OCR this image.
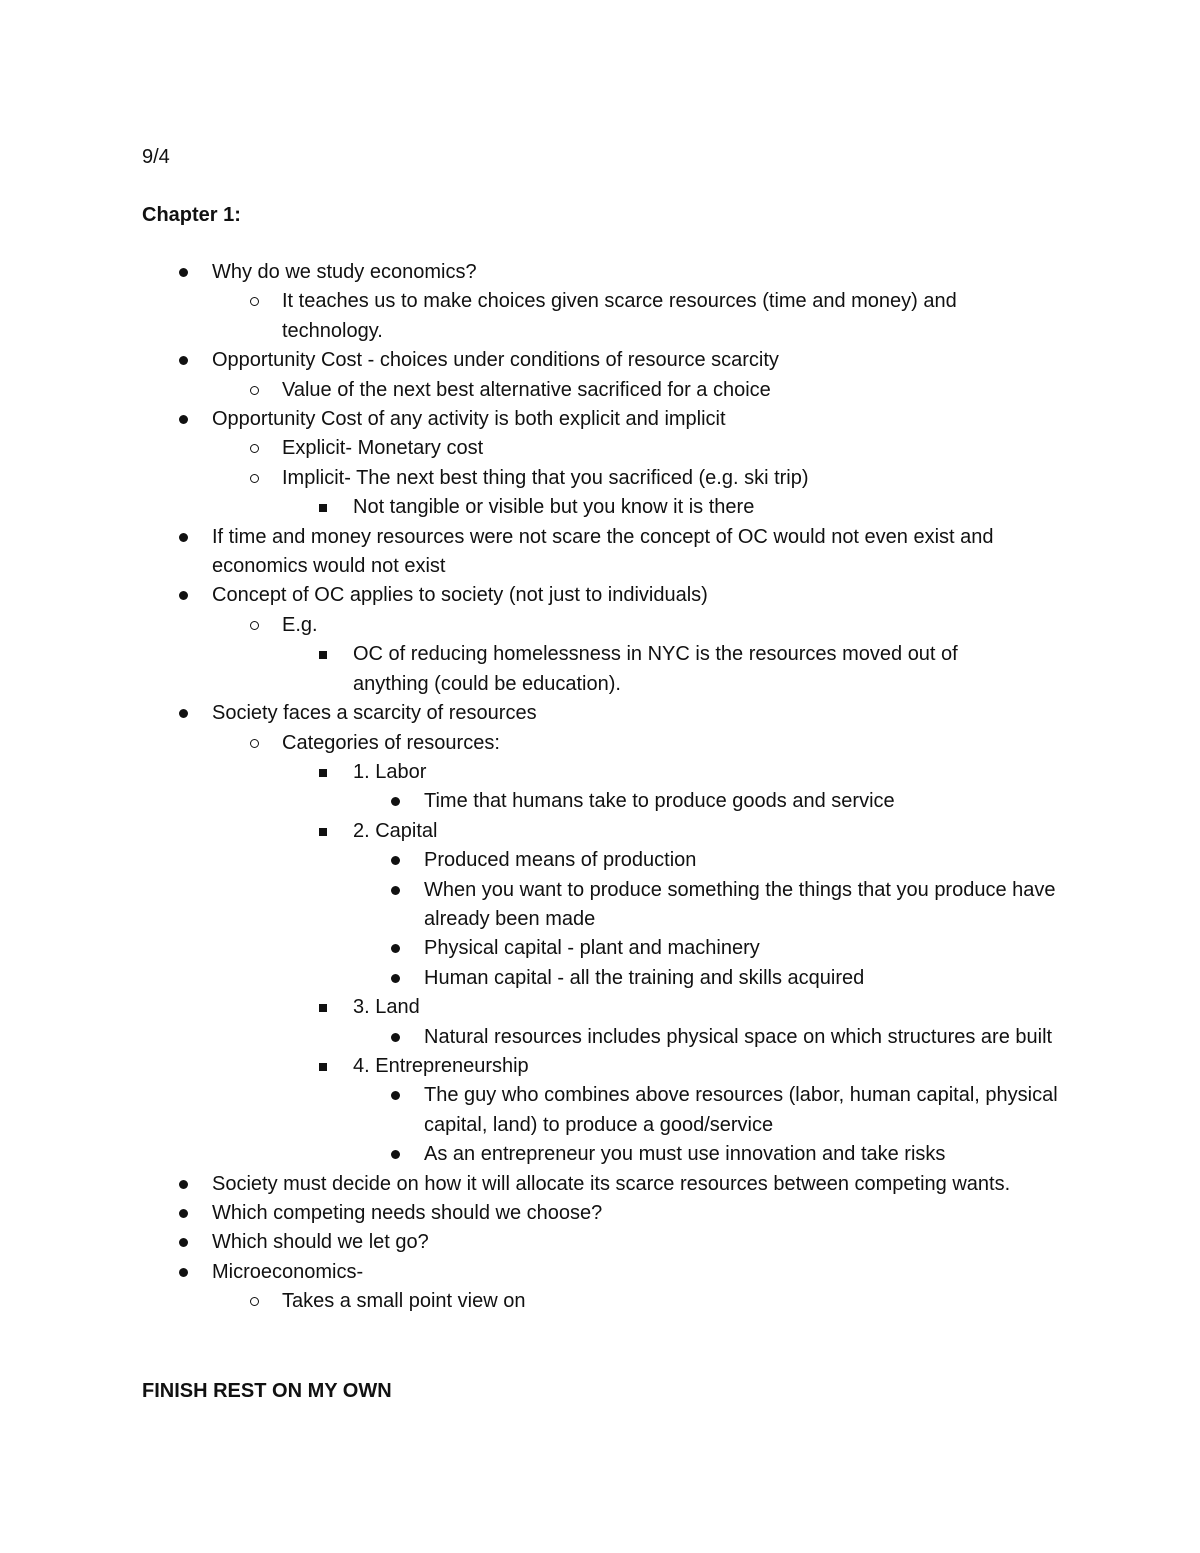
9/4
Chapter 1:
Why do we study economics?
It teaches us to make choices given scarce resources (time and money) and technology.
Opportunity Cost - choices under conditions of resource scarcity
Value of the next best alternative sacrificed for a choice
Opportunity Cost of any activity is both explicit and implicit
Explicit- Monetary cost
Implicit- The next best thing that you sacrificed (e.g. ski trip)
Not tangible or visible but you know it is there
If time and money resources were not scare the concept of OC would not even exist and economics would not exist
Concept of OC applies to society (not just to individuals)
E.g.
OC of reducing homelessness in NYC is the resources moved out of anything (could be education).
Society faces a scarcity of resources
Categories of resources:
1. Labor
Time that humans take to produce goods and service
2. Capital
Produced means of production
When you want to produce something the things that you produce have already been made
Physical capital - plant and machinery
Human capital - all the training and skills acquired
3. Land
Natural resources includes physical space on which structures are built
4. Entrepreneurship
The guy who combines above resources (labor, human capital, physical capital, land) to produce a good/service
As an entrepreneur you must use innovation and take risks
Society must decide on how it will allocate its scarce resources between competing wants.
Which competing needs should we choose?
Which should we let go?
Microeconomics-
Takes a small point view on
FINISH REST ON MY OWN
